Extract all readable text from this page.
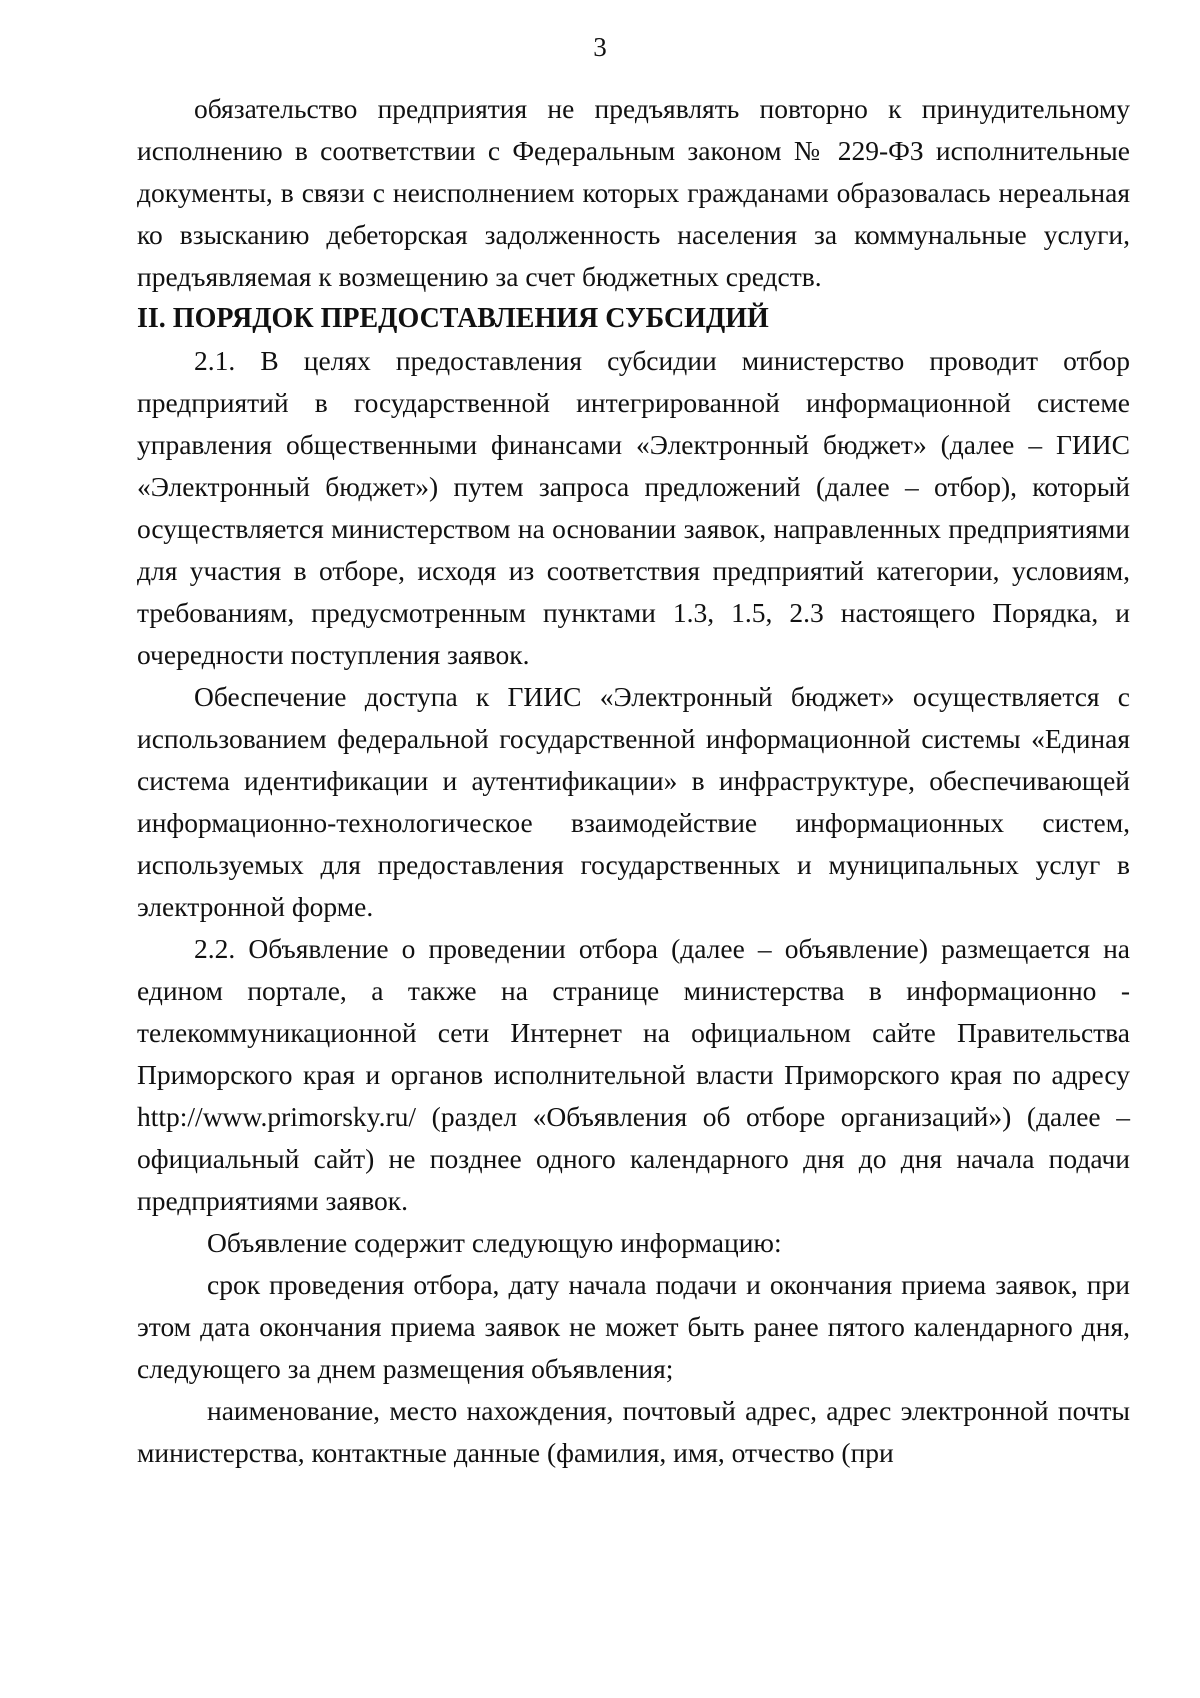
3

обязательство предприятия не предъявлять повторно к принудительному исполнению в соответствии с Федеральным законом № 229-ФЗ исполнительные документы, в связи с неисполнением которых гражданами образовалась нереальная ко взысканию дебеторская задолженность населения за коммунальные услуги, предъявляемая к возмещению за счет бюджетных средств.

II. ПОРЯДОК ПРЕДОСТАВЛЕНИЯ СУБСИДИЙ

2.1. В целях предоставления субсидии министерство проводит отбор предприятий в государственной интегрированной информационной системе управления общественными финансами «Электронный бюджет» (далее – ГИИС «Электронный бюджет») путем запроса предложений (далее – отбор), который осуществляется министерством на основании заявок, направленных предприятиями для участия в отборе, исходя из соответствия предприятий категории, условиям, требованиям, предусмотренным пунктами 1.3, 1.5, 2.3 настоящего Порядка, и очередности поступления заявок.

Обеспечение доступа к ГИИС «Электронный бюджет» осуществляется с использованием федеральной государственной информационной системы «Единая система идентификации и аутентификации» в инфраструктуре, обеспечивающей информационно-технологическое взаимодействие информационных систем, используемых для предоставления государственных и муниципальных услуг в электронной форме.

2.2. Объявление о проведении отбора (далее – объявление) размещается на едином портале, а также на странице министерства в информационно - телекоммуникационной сети Интернет на официальном сайте Правительства Приморского края и органов исполнительной власти Приморского края по адресу http://www.primorsky.ru/ (раздел «Объявления об отборе организаций») (далее – официальный сайт) не позднее одного календарного дня до дня начала подачи предприятиями заявок.

Объявление содержит следующую информацию:

срок проведения отбора, дату начала подачи и окончания приема заявок, при этом дата окончания приема заявок не может быть ранее пятого календарного дня, следующего за днем размещения объявления;

наименование, место нахождения, почтовый адрес, адрес электронной почты министерства, контактные данные (фамилия, имя, отчество (при
